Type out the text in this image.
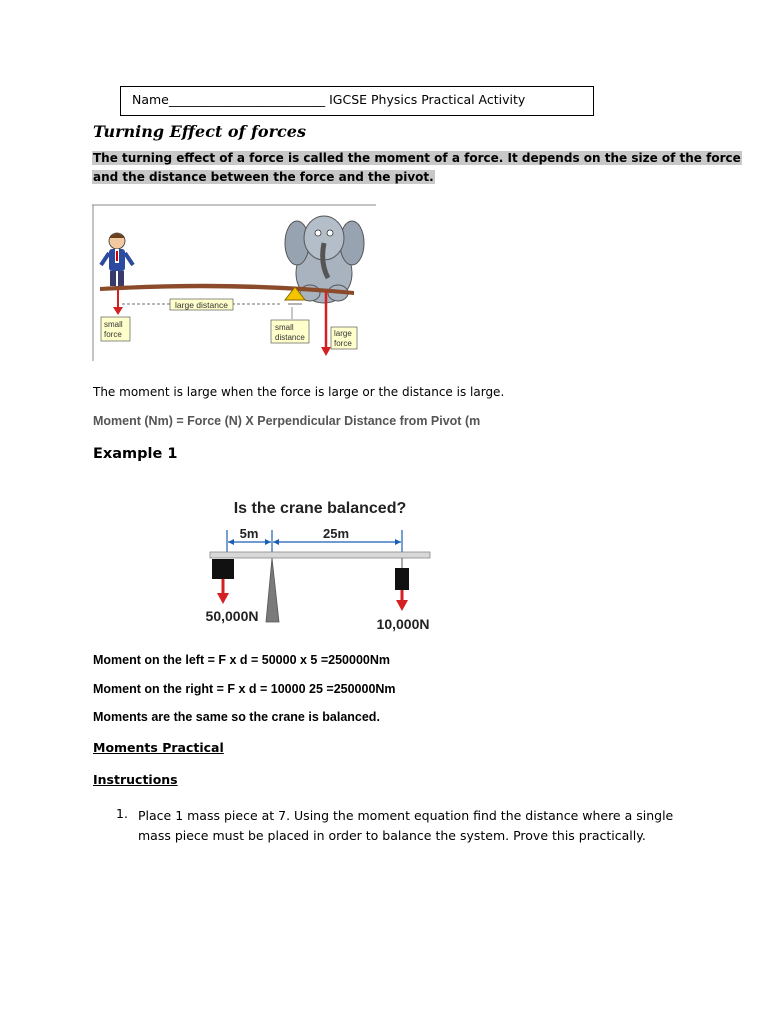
Name_________________________ IGCSE Physics Practical Activity
Turning Effect of forces
The turning effect of a force is called the moment of a force. It depends on the size of the force
and the distance between the force and the pivot.
large distance
small
force
small
distance	large
force
The moment is large when the force is large or the distance is large.
Moment (Nm) = Force (N) X Perpendicular Distance from Pivot (m
Example 1
Is the crane balanced?
5m	25m
50,000N	10,000N
Moment on the left = F x d = 50000 x 5 =250000Nm
Moment on the right = F x d = 10000 25 =250000Nm
Moments are the same so the crane is balanced.
Moments Practical
Instructions
1. Place 1 mass piece at 7. Using the moment equation find the distance where a single mass piece must be placed in order to balance the system. Prove this practically.
